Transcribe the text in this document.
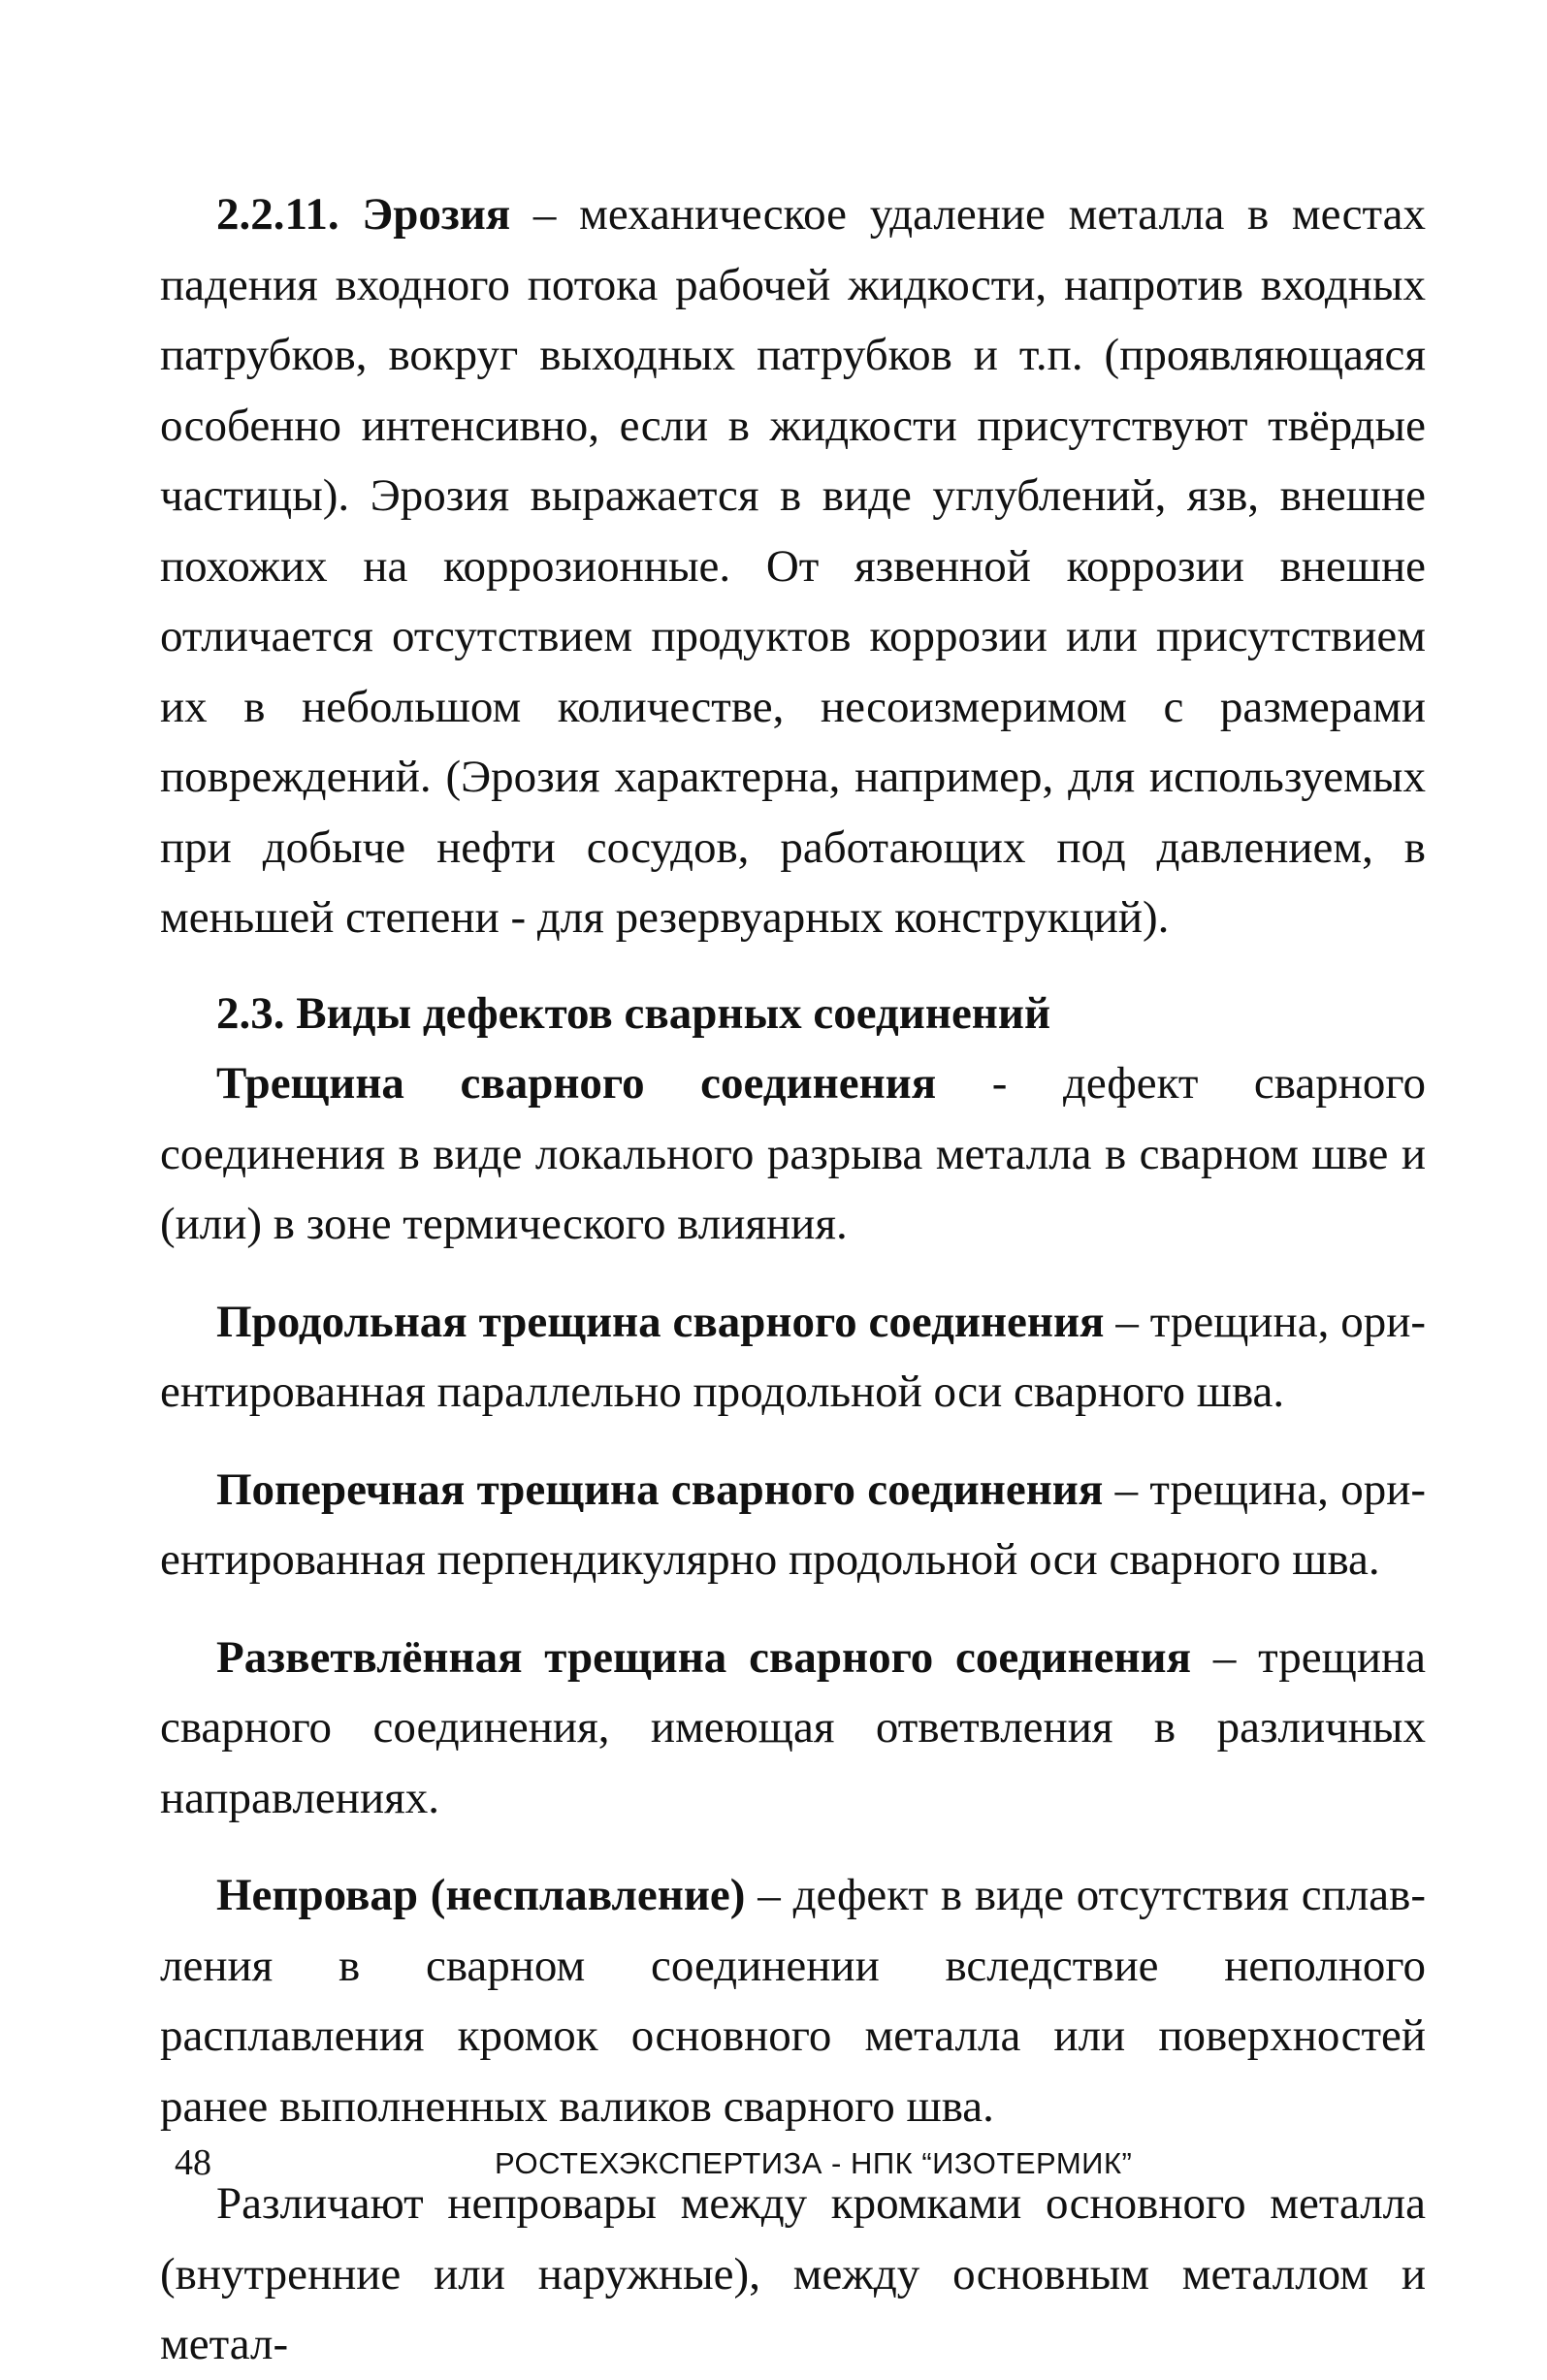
2.2.11. Эрозия – механическое удаление металла в местах падения входного потока рабочей жидкости, напротив входных патрубков, вокруг выходных патрубков и т.п. (проявляющаяся особенно интенсивно, если в жидкости присутствуют твёрдые частицы). Эрозия выражается в виде углублений, язв, внешне похожих на коррозионные. От язвенной коррозии внешне отличается отсутствием продуктов коррозии или присутствием их в небольшом количестве, несоизмеримом с размерами повреждений. (Эрозия характерна, например, для используемых при добыче нефти сосудов, работающих под давлением, в меньшей степени - для резервуарных конструкций).

2.3. Виды дефектов сварных соединений

Трещина сварного соединения - дефект сварного соединения в виде локального разрыва металла в сварном шве и (или) в зоне термического влияния.

Продольная трещина сварного соединения – трещина, ориентированная параллельно продольной оси сварного шва.

Поперечная трещина сварного соединения – трещина, ориентированная перпендикулярно продольной оси сварного шва.

Разветвлённая трещина сварного соединения – трещина сварного соединения, имеющая ответвления в различных направлениях.

Непровар (несплавление) – дефект в виде отсутствия сплавления в сварном соединении вследствие неполного расплавления кромок основного металла или поверхностей ранее выполненных валиков сварного шва.

Различают непровары между кромками основного металла (внутренние или наружные), между основным металлом и метал-

48	РОСТЕХЭКСПЕРТИЗА - НПК “ИЗОТЕРМИК”
